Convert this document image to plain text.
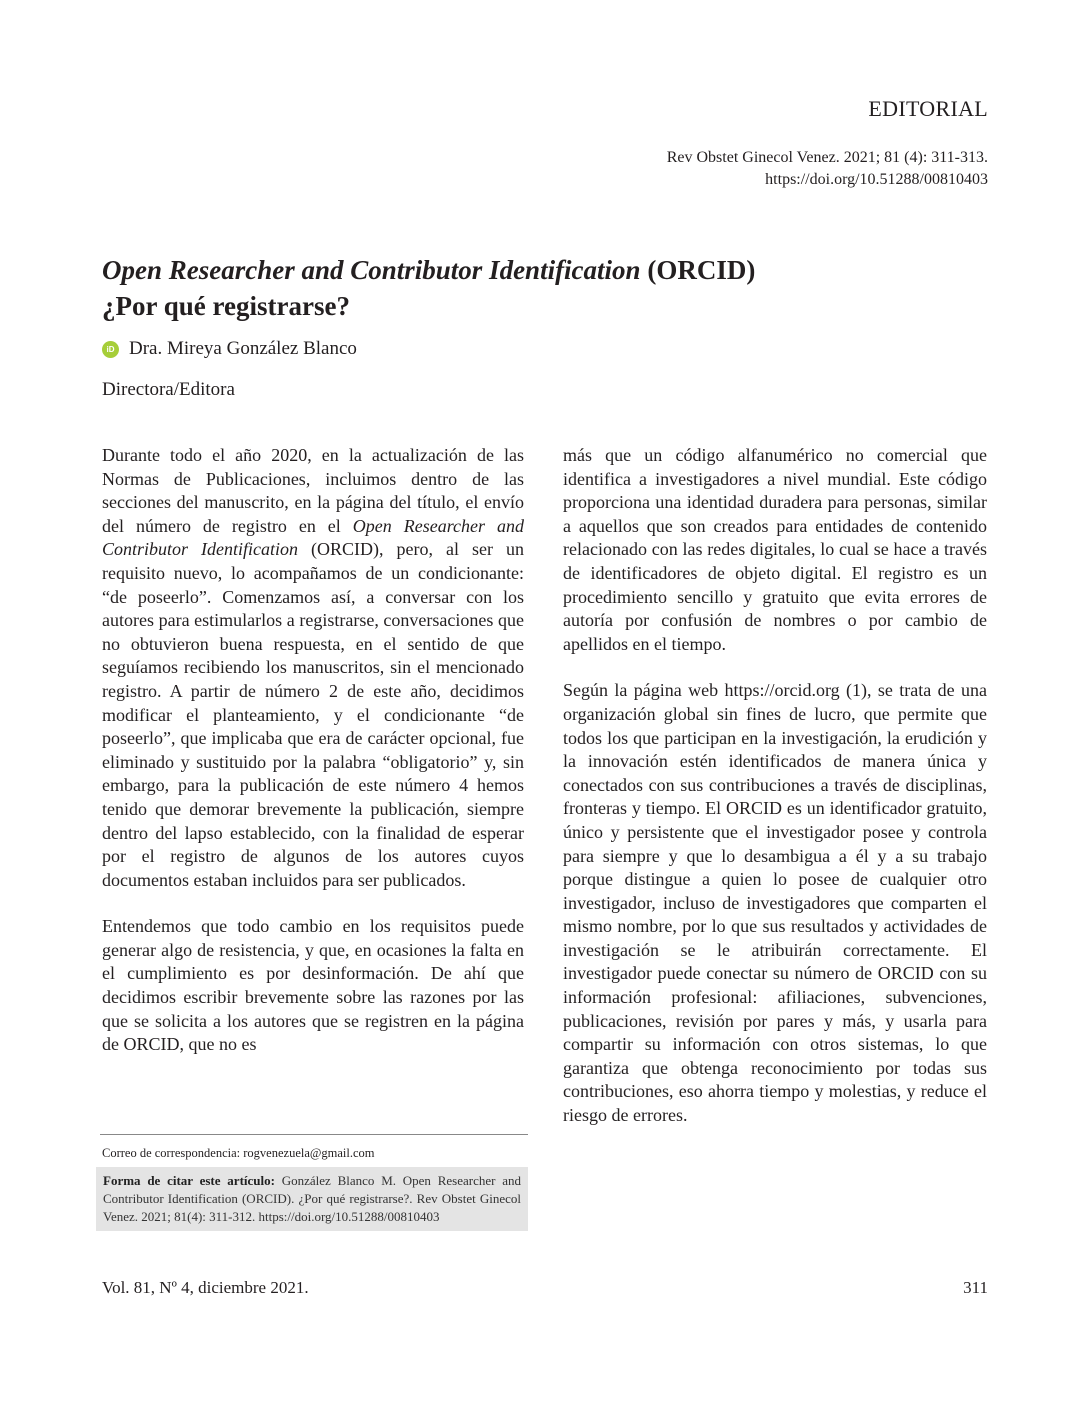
EDITORIAL
Rev Obstet Ginecol Venez. 2021; 81 (4): 311-313.
https://doi.org/10.51288/00810403
Open Researcher and Contributor Identification (ORCID)
¿Por qué registrarse?
iD Dra. Mireya González Blanco
Directora/Editora

Durante todo el año 2020, en la actualización de las Normas de Publicaciones, incluimos dentro de las secciones del manuscrito, en la página del título, el envío del número de registro en el Open Researcher and Contributor Identification (ORCID), pero, al ser un requisito nuevo, lo acompañamos de un condicionante: “de poseerlo”. Comenzamos así, a conversar con los autores para estimularlos a registrarse, conversaciones que no obtuvieron buena respuesta, en el sentido de que seguíamos recibiendo los manuscritos, sin el mencionado registro. A partir de número 2 de este año, decidimos modificar el planteamiento, y el condicionante “de poseerlo”, que implicaba que era de carácter opcional, fue eliminado y sustituido por la palabra “obligatorio” y, sin embargo, para la publicación de este número 4 hemos tenido que demorar brevemente la publicación, siempre dentro del lapso establecido, con la finalidad de esperar por el registro de algunos de los autores cuyos documentos estaban incluidos para ser publicados.

Entendemos que todo cambio en los requisitos puede generar algo de resistencia, y que, en ocasiones la falta en el cumplimiento es por desinformación. De ahí que decidimos escribir brevemente sobre las razones por las que se solicita a los autores que se registren en la página de ORCID, que no es

más que un código alfanumérico no comercial que identifica a investigadores a nivel mundial. Este código proporciona una identidad duradera para personas, similar a aquellos que son creados para entidades de contenido relacionado con las redes digitales, lo cual se hace a través de identificadores de objeto digital. El registro es un procedimiento sencillo y gratuito que evita errores de autoría por confusión de nombres o por cambio de apellidos en el tiempo.

Según la página web https://orcid.org (1), se trata de una organización global sin fines de lucro, que permite que todos los que participan en la investigación, la erudición y la innovación estén identificados de manera única y conectados con sus contribuciones a través de disciplinas, fronteras y tiempo. El ORCID es un identificador gratuito, único y persistente que el investigador posee y controla para siempre y que lo desambigua a él y a su trabajo porque distingue a quien lo posee de cualquier otro investigador, incluso de investigadores que comparten el mismo nombre, por lo que sus resultados y actividades de investigación se le atribuirán correctamente. El investigador puede conectar su número de ORCID con su información profesional: afiliaciones, subvenciones, publicaciones, revisión por pares y más, y usarla para compartir su información con otros sistemas, lo que garantiza que obtenga reconocimiento por todas sus contribuciones, eso ahorra tiempo y molestias, y reduce el riesgo de errores.

Correo de correspondencia: rogvenezuela@gmail.com
Forma de citar este artículo: González Blanco M. Open Researcher and Contributor Identification (ORCID). ¿Por qué registrarse?. Rev Obstet Ginecol Venez. 2021; 81(4): 311-312. https://doi.org/10.51288/00810403
Vol. 81, Nº 4, diciembre 2021.	311
